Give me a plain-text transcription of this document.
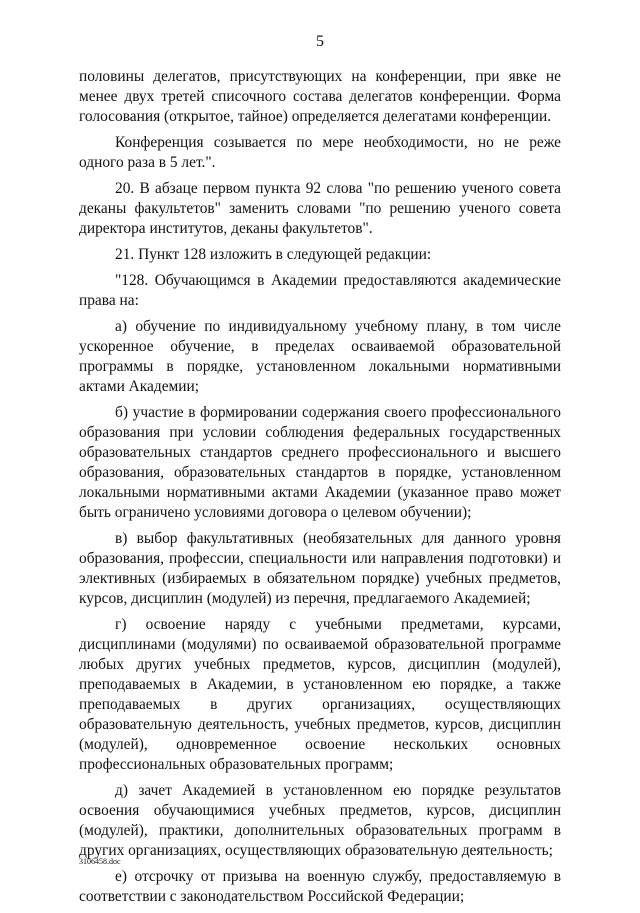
5

половины делегатов, присутствующих на конференции, при явке не менее двух третей списочного состава делегатов конференции. Форма голосования (открытое, тайное) определяется делегатами конференции.

Конференция созывается по мере необходимости, но не реже одного раза в 5 лет.".

20. В абзаце первом пункта 92 слова "по решению ученого совета деканы факультетов" заменить словами "по решению ученого совета директора институтов, деканы факультетов".

21. Пункт 128 изложить в следующей редакции:

"128. Обучающимся в Академии предоставляются академические права на:

а) обучение по индивидуальному учебному плану, в том числе ускоренное обучение, в пределах осваиваемой образовательной программы в порядке, установленном локальными нормативными актами Академии;

б) участие в формировании содержания своего профессионального образования при условии соблюдения федеральных государственных образовательных стандартов среднего профессионального и высшего образования, образовательных стандартов в порядке, установленном локальными нормативными актами Академии (указанное право может быть ограничено условиями договора о целевом обучении);

в) выбор факультативных (необязательных для данного уровня образования, профессии, специальности или направления подготовки) и элективных (избираемых в обязательном порядке) учебных предметов, курсов, дисциплин (модулей) из перечня, предлагаемого Академией;

г) освоение наряду с учебными предметами, курсами, дисциплинами (модулями) по осваиваемой образовательной программе любых других учебных предметов, курсов, дисциплин (модулей), преподаваемых в Академии, в установленном ею порядке, а также преподаваемых в других организациях, осуществляющих образовательную деятельность, учебных предметов, курсов, дисциплин (модулей), одновременное освоение нескольких основных профессиональных образовательных программ;

д) зачет Академией в установленном ею порядке результатов освоения обучающимися учебных предметов, курсов, дисциплин (модулей), практики, дополнительных образовательных программ в других организациях, осуществляющих образовательную деятельность;

е) отсрочку от призыва на военную службу, предоставляемую в соответствии с законодательством Российской Федерации;

3106458.doc
